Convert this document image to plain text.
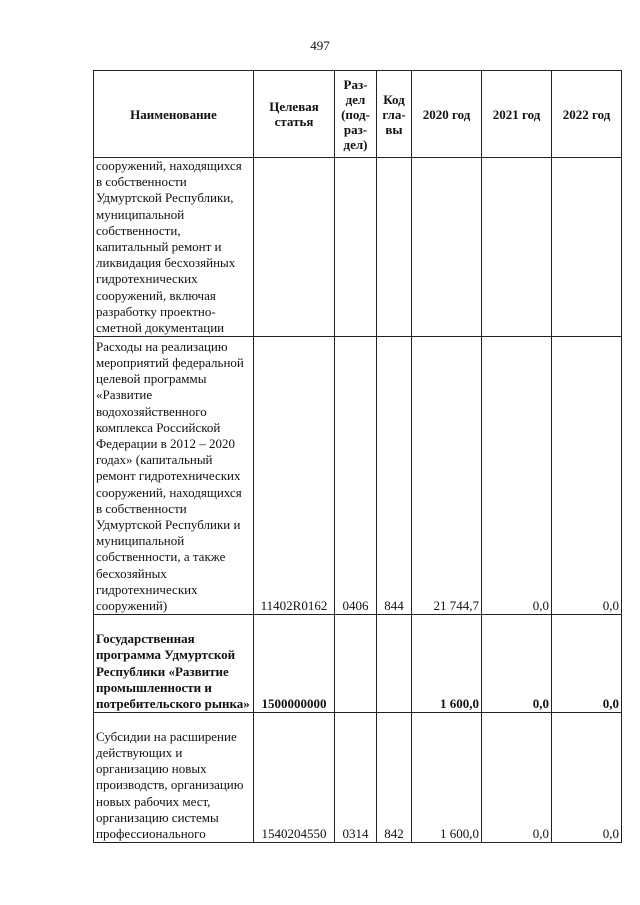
497
Наименование	Целевая статья	Раз-дел (под-раз-дел)	Код гла-вы	2020 год	2021 год	2022 год
сооружений, находящихся в собственности Удмуртской Республики, муниципальной собственности, капитальный ремонт и ликвидация бесхозяйных гидротехнических сооружений, включая разработку проектно-сметной документации						
Расходы на реализацию мероприятий федеральной целевой программы «Развитие водохозяйственного комплекса Российской Федерации в 2012 – 2020 годах» (капитальный ремонт гидротехнических сооружений, находящихся в собственности Удмуртской Республики и муниципальной собственности, а также бесхозяйных гидротехнических сооружений)	11402R0162	0406	844	21 744,7	0,0	0,0
Государственная программа Удмуртской Республики «Развитие промышленности и потребительского рынка»	1500000000			1 600,0	0,0	0,0
Субсидии на расширение действующих и организацию новых производств, организацию новых рабочих мест, организацию системы профессионального	1540204550	0314	842	1 600,0	0,0	0,0
